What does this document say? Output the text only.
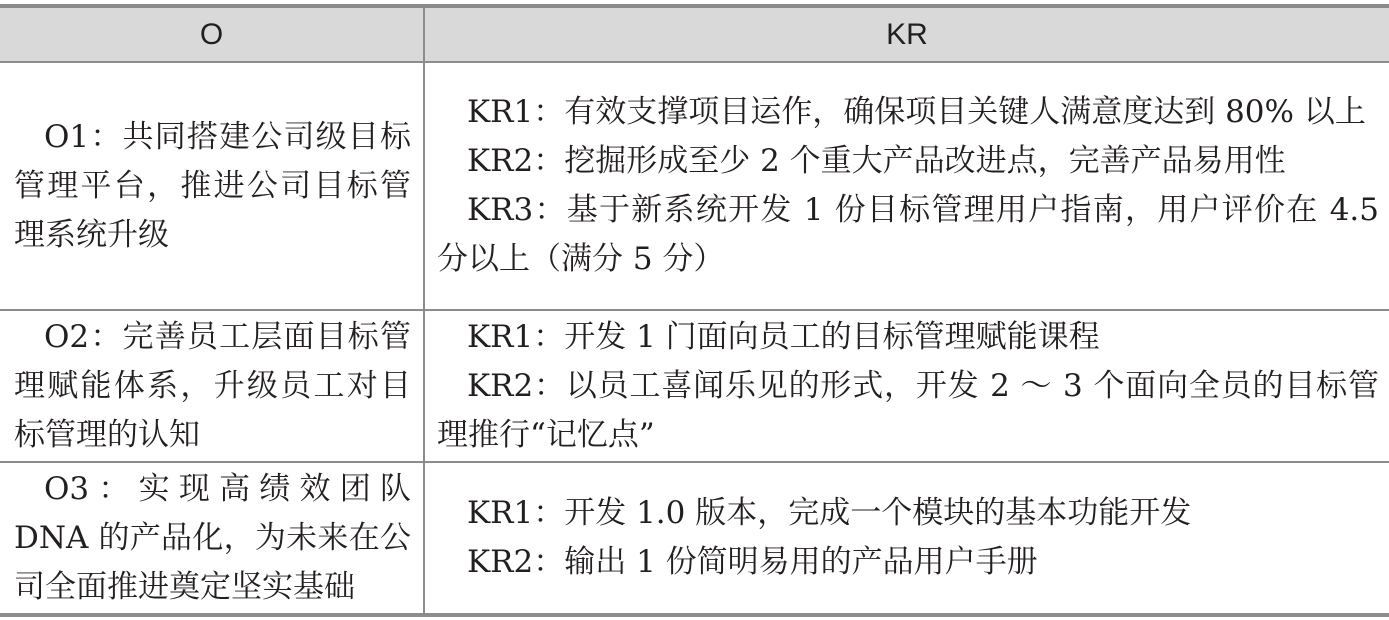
O	KR

O1：共同搭建公司级目标管理平台，推进公司目标管理系统升级	KR1：有效支撑项目运作，确保项目关键人满意度达到 80% 以上
KR2：挖掘形成至少 2 个重大产品改进点，完善产品易用性
KR3：基于新系统开发 1 份目标管理用户指南，用户评价在 4.5 分以上（满分 5 分）

O2：完善员工层面目标管理赋能体系，升级员工对目标管理的认知	KR1：开发 1 门面向员工的目标管理赋能课程
KR2：以员工喜闻乐见的形式，开发 2 ～ 3 个面向全员的目标管理推行“记忆点”

O3：实现高绩效团队 DNA 的产品化，为未来在公司全面推进奠定坚实基础	KR1：开发 1.0 版本，完成一个模块的基本功能开发
KR2：输出 1 份简明易用的产品用户手册
